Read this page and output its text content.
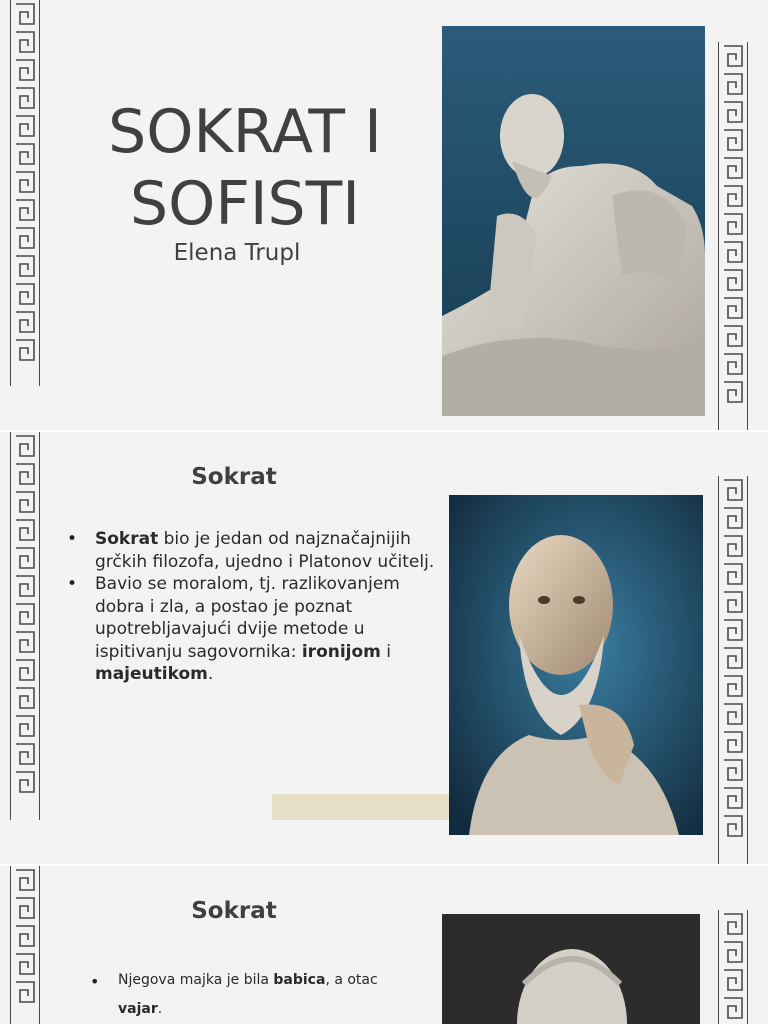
SOKRAT I SOFISTI
Elena Trupl
Sokrat
• Sokrat bio je jedan od najznačajnijih grčkih filozofa, ujedno i Platonov učitelj.
• Bavio se moralom, tj. razlikovanjem dobra i zla, a postao je poznat upotrebljavajući dvije metode u ispitivanju sagovornika: ironijom i majeutikom.
Sokrat
• Njegova majka je bila babica, a otac vajar.
